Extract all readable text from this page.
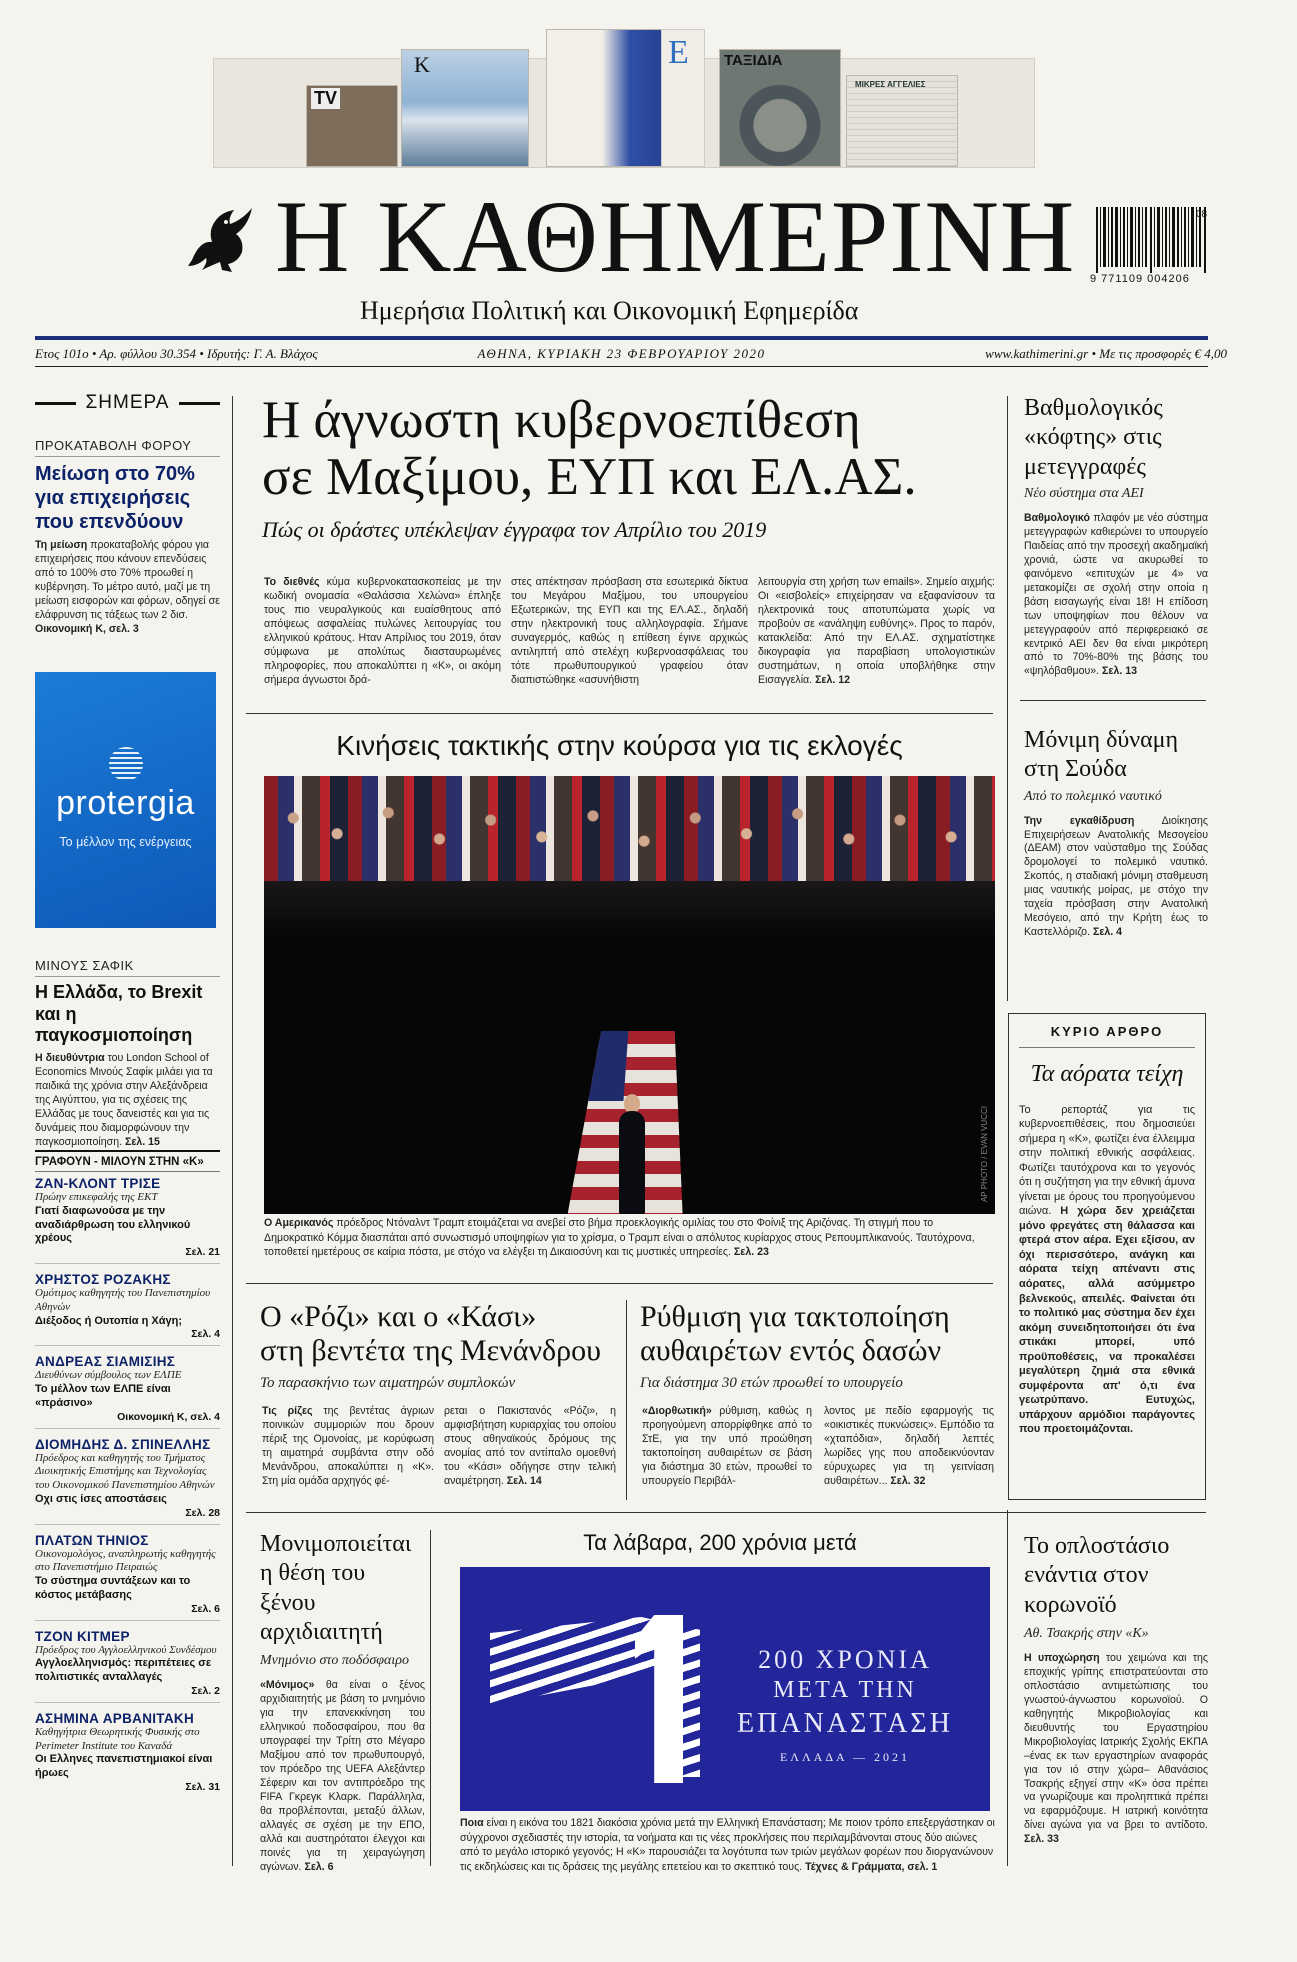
TV
K	E ΤΑΞΙΔΙΑ
ΜΙΚΡΕΣ ΑΓΓΕΛΙΕΣ
Η ΚΑΘΗΜΕΡΙΝΗ
Ημερήσια Πολιτική και Οικονομική Εφημερίδα
9 771109 004206
08
Ετος 101ο • Αρ. φύλλου 30.354 • Ιδρυτής: Γ. Α. Βλάχος	ΑΘΗΝΑ, ΚΥΡΙΑΚΗ 23 ΦΕΒΡΟΥΑΡΙΟΥ 2020	www.kathimerini.gr • Με τις προσφορές € 4,00
ΣΗΜΕΡΑ
ΠΡΟΚΑΤΑΒΟΛΗ ΦΟΡΟΥ
Μείωση στο 70% για επιχειρήσεις που επενδύουν
Τη μείωση προκαταβολής φόρου για επιχειρήσεις που κάνουν επενδύσεις από το 100% στο 70% προωθεί η κυβέρνηση. Το μέτρο αυτό, μαζί με τη μείωση εισφορών και φόρων, οδηγεί σε ελάφρυνση τις τάξεως των 2 δισ. Οικονομική Κ, σελ. 3
protergia
Το μέλλον της ενέργειας
ΜΙΝΟΥΣ ΣΑΦΙΚ
Η Ελλάδα, το Brexit και η παγκοσμιοποίηση
Η διευθύντρια του London School of Economics Μινούς Σαφίκ μιλάει για τα παιδικά της χρόνια στην Αλεξάνδρεια της Αιγύπτου, για τις σχέσεις της Ελλάδας με τους δανειστές και για τις δυνάμεις που διαμορφώνουν την παγκοσμιοποίηση. Σελ. 15
ΓΡΑΦΟΥΝ - ΜΙΛΟΥΝ ΣΤΗΝ «Κ»
ΖΑΝ-ΚΛΟΝΤ ΤΡΙΣΕ
Πρώην επικεφαλής της ΕΚΤ
Γιατί διαφωνούσα με την αναδιάρθρωση του ελληνικού χρέους
Σελ. 21
ΧΡΗΣΤΟΣ ΡΟΖΑΚΗΣ
Ομότιμος καθηγητής του Πανεπιστημίου Αθηνών
Διέξοδος ή Ουτοπία η Χάγη;
Σελ. 4
ΑΝΔΡΕΑΣ ΣΙΑΜΙΣΙΗΣ
Διευθύνων σύμβουλος των ΕΛΠΕ
Το μέλλον των ΕΛΠΕ είναι «πράσινο»
Οικονομική Κ, σελ. 4
ΔΙΟΜΗΔΗΣ Δ. ΣΠΙΝΕΛΛΗΣ
Πρόεδρος και καθηγητής του Τμήματος Διοικητικής Επιστήμης και Τεχνολογίας του Οικονομικού Πανεπιστημίου Αθηνών
Οχι στις ίσες αποστάσεις
Σελ. 28
ΠΛΑΤΩΝ ΤΗΝΙΟΣ
Οικονομολόγος, αναπληρωτής καθηγητής στο Πανεπιστήμιο Πειραιώς
Το σύστημα συντάξεων και το κόστος μετάβασης
Σελ. 6
ΤΖΟΝ ΚΙΤΜΕΡ
Πρόεδρος του Αγγλοελληνικού Συνδέσμου
Αγγλοελληνισμός: περιπέτειες σε πολιτιστικές ανταλλαγές
Σελ. 2
ΑΣΗΜΙΝΑ ΑΡΒΑΝΙΤΑΚΗ
Καθηγήτρια Θεωρητικής Φυσικής στο Perimeter Institute του Καναδά
Οι Ελληνες πανεπιστημιακοί είναι ήρωες
Σελ. 31
Η άγνωστη κυβερνοεπίθεση
σε Μαξίμου, ΕΥΠ και ΕΛ.ΑΣ.
Πώς οι δράστες υπέκλεψαν έγγραφα τον Απρίλιο του 2019
Το διεθνές κύμα κυβερνοκατασκοπείας με την κωδική ονομασία «Θαλάσσια Χελώνα» έπληξε τους πιο νευραλγικούς και ευαίσθητους από απόψεως ασφαλείας πυλώνες λειτουργίας του ελληνικού κράτους. Ηταν Απρίλιος του 2019, όταν σύμφωνα με απολύτως διασταυρωμένες πληροφορίες, που αποκαλύπτει η «Κ», οι ακόμη σήμερα άγνωστοι δρά-
στες απέκτησαν πρόσβαση στα εσωτερικά δίκτυα του Μεγάρου Μαξίμου, του υπουργείου Εξωτερικών, της ΕΥΠ και της ΕΛ.ΑΣ., δηλαδή στην ηλεκτρονική τους αλληλογραφία. Σήμανε συναγερμός, καθώς η επίθεση έγινε αρχικώς αντιληπτή από στελέχη κυβερνοασφάλειας του τότε πρωθυπουργικού γραφείου όταν διαπιστώθηκε «ασυνήθιστη
λειτουργία στη χρήση των emails». Σημείο αιχμής: Οι «εισβολείς» επιχείρησαν να εξαφανίσουν τα ηλεκτρονικά τους αποτυπώματα χωρίς να προβούν σε «ανάληψη ευθύνης». Προς το παρόν, κατακλείδα: Από την ΕΛ.ΑΣ. σχηματίστηκε δικογραφία για παραβίαση υπολογιστικών συστημάτων, η οποία υποβλήθηκε στην Εισαγγελία. Σελ. 12
Κινήσεις τακτικής στην κούρσα για τις εκλογές
AP PHOTO / EVAN VUCCI
Ο Αμερικανός πρόεδρος Ντόναλντ Τραμπ ετοιμάζεται να ανεβεί στο βήμα προεκλογικής ομιλίας του στο Φοίνιξ της Αριζόνας. Τη στιγμή που το Δημοκρατικό Κόμμα διασπάται από συνωστισμό υποψηφίων για το χρίσμα, ο Τραμπ είναι ο απόλυτος κυρίαρχος στους Ρεπουμπλικανούς. Ταυτόχρονα, τοποθετεί ημετέρους σε καίρια πόστα, με στόχο να ελέγξει τη Δικαιοσύνη και τις μυστικές υπηρεσίες. Σελ. 23
Ο «Ρόζι» και ο «Κάσι»
στη βεντέτα της Μενάνδρου
Το παρασκήνιο των αιματηρών συμπλοκών
Τις ρίζες της βεντέτας άγριων ποινικών συμμοριών που δρουν πέριξ της Ομονοίας, με κορύφωση τη αιματηρά συμβάντα στην οδό Μενάνδρου, αποκαλύπτει η «Κ». Στη μία ομάδα αρχηγός φέ-
ρεται ο Πακιστανός «Ρόζι», η αμφισβήτηση κυριαρχίας του οποίου στους αθηναϊκούς δρόμους της ανομίας από τον αντίπαλο ομοεθνή του «Κάσι» οδήγησε στην τελική αναμέτρηση. Σελ. 14
Ρύθμιση για τακτοποίηση
αυθαιρέτων εντός δασών
Για διάστημα 30 ετών προωθεί το υπουργείο
«Διορθωτική» ρύθμιση, καθώς η προηγούμενη απορρίφθηκε από το ΣτΕ, για την υπό προώθηση τακτοποίηση αυθαιρέτων σε βάση για διάστημα 30 ετών, προωθεί το υπουργείο Περιβάλ-
λοντος με πεδίο εφαρμογής τις «οικιστικές πυκνώσεις». Εμπόδιο τα «χταπόδια», δηλαδή λεπτές λωρίδες γης που αποδεικνύονταν εύρυχωρες για τη γειτνίαση αυθαιρέτων... Σελ. 32
Μονιμοποιείται η θέση του ξένου αρχιδιαιτητή
Μνημόνιο στο ποδόσφαιρο
«Μόνιμος» θα είναι ο ξένος αρχιδιαιτητής με βάση το μνημόνιο για την επανεκκίνηση του ελληνικού ποδοσφαίρου, που θα υπογραφεί την Τρίτη στο Μέγαρο Μαξίμου από τον πρωθυπουργό, τον πρόεδρο της UEFA Αλεξάντερ Σέφεριν και τον αντιπρόεδρο της FIFA Γκρεγκ Κλαρκ. Παράλληλα, θα προβλέπονται, μεταξύ άλλων, αλλαγές σε σχέση με την ΕΠΟ, αλλά και αυστηρότατοι έλεγχοι και ποινές για τη χειραγώγηση αγώνων. Σελ. 6
Τα λάβαρα, 200 χρόνια μετά
200 ΧΡΟΝΙΑ
ΜΕΤΑ ΤΗΝ
ΕΠΑΝΑΣΤΑΣΗ
ΕΛΛΑΔΑ — 2021
Ποια είναι η εικόνα του 1821 διακόσια χρόνια μετά την Ελληνική Επανάσταση; Με ποιον τρόπο επεξεργάστηκαν οι σύγχρονοι σχεδιαστές την ιστορία, τα νοήματα και τις νέες προκλήσεις που περιλαμβάνονται στους δύο αιώνες από το μεγάλο ιστορικό γεγονός; Η «Κ» παρουσιάζει τα λογότυπα των τριών μεγάλων φορέων που διοργανώνουν τις εκδηλώσεις και τις δράσεις της μεγάλης επετείου και το σκεπτικό τους. Τέχνες & Γράμματα, σελ. 1
Βαθμολογικός «κόφτης» στις μετεγγραφές
Νέο σύστημα στα ΑΕΙ
Βαθμολογικό πλαφόν με νέο σύστημα μετεγγραφών καθιερώνει το υπουργείο Παιδείας από την προσεχή ακαδημαϊκή χρονιά, ώστε να ακυρωθεί το φαινόμενο «επιτυχών με 4» να μετακομίζει σε σχολή στην οποία η βάση εισαγωγής είναι 18! Η επίδοση των υποψηφίων που θέλουν να μετεγγραφούν από περιφερειακό σε κεντρικό ΑΕΙ δεν θα είναι μικρότερη από το 70%-80% της βάσης του «ψηλόβαθμου». Σελ. 13
Μόνιμη δύναμη στη Σούδα
Από το πολεμικό ναυτικό
Την εγκαθίδρυση Διοίκησης Επιχειρήσεων Ανατολικής Μεσογείου (ΔΕΑΜ) στον ναύσταθμο της Σούδας δρομολογεί το πολεμικό ναυτικό. Σκοπός, η σταδιακή μόνιμη σταθμευση μιας ναυτικής μοίρας, με στόχο την ταχεία πρόσβαση στην Ανατολική Μεσόγειο, από την Κρήτη έως το Καστελλόριζο. Σελ. 4
ΚΥΡΙΟ ΑΡΘΡΟ
Τα αόρατα τείχη
Το ρεπορτάζ για τις κυβερνοεπιθέσεις, που δημοσιεύει σήμερα η «Κ», φωτίζει ένα έλλειμμα στην πολιτική εθνικής ασφάλειας. Φωτίζει ταυτόχρονα και το γεγονός ότι η συζήτηση για την εθνική άμυνα γίνεται με όρους του προηγούμενου αιώνα. Η χώρα δεν χρειάζεται μόνο φρεγάτες στη θάλασσα και φτερά στον αέρα. Εχει εξίσου, αν όχι περισσότερο, ανάγκη και αόρατα τείχη απέναντι στις αόρατες, αλλά ασύμμετρο βελνεκούς, απειλές. Φαίνεται ότι το πολιτικό μας σύστημα δεν έχει ακόμη συνειδητοποιήσει ότι ένα στικάκι μπορεί, υπό προϋποθέσεις, να προκαλέσει μεγαλύτερη ζημιά στα εθνικά συμφέροντα απ' ό,τι ένα γεωτρύπανο. Ευτυχώς, υπάρχουν αρμόδιοι παράγοντες που προετοιμάζονται.
Το οπλοστάσιο ενάντια στον κορωνοϊό
Αθ. Τσακρής στην «Κ»
Η υποχώρηση του χειμώνα και της εποχικής γρίπης επιστρατεύονται στο οπλοστάσιο αντιμετώπισης του γνωστού-άγνωστου κορωνοϊού. Ο καθηγητής Μικροβιολογίας και διευθυντής του Εργαστηρίου Μικροβιολογίας Ιατρικής Σχολής ΕΚΠΑ –ένας εκ των εργαστηρίων αναφοράς για τον ιό στην χώρα– Αθανάσιος Τσακρής εξηγεί στην «Κ» όσα πρέπει να γνωρίζουμε και προληπτικά πρέπει να εφαρμόζουμε. Η ιατρική κοινότητα δίνει αγώνα για να βρει το αντίδοτο. Σελ. 33
